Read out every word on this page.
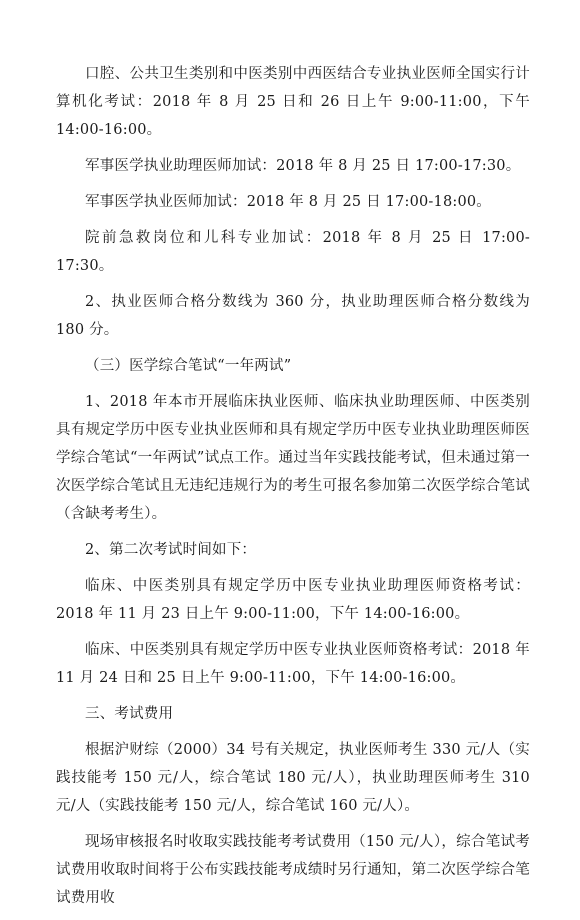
口腔、公共卫生类别和中医类别中西医结合专业执业医师全国实行计算机化考试：2018 年 8 月 25 日和 26 日上午 9:00-11:00，下午 14:00-16:00。

军事医学执业助理医师加试：2018 年 8 月 25 日 17:00-17:30。

军事医学执业医师加试：2018 年 8 月 25 日 17:00-18:00。

院前急救岗位和儿科专业加试：2018 年 8 月 25 日 17:00-17:30。

2、执业医师合格分数线为 360 分，执业助理医师合格分数线为 180 分。

（三）医学综合笔试“一年两试”

1、2018 年本市开展临床执业医师、临床执业助理医师、中医类别具有规定学历中医专业执业医师和具有规定学历中医专业执业助理医师医学综合笔试“一年两试”试点工作。通过当年实践技能考试，但未通过第一次医学综合笔试且无违纪违规行为的考生可报名参加第二次医学综合笔试（含缺考考生）。

2、第二次考试时间如下：

临床、中医类别具有规定学历中医专业执业助理医师资格考试：2018 年 11 月 23 日上午 9:00-11:00，下午 14:00-16:00。

临床、中医类别具有规定学历中医专业执业医师资格考试：2018 年 11 月 24 日和 25 日上午 9:00-11:00，下午 14:00-16:00。

三、考试费用

根据沪财综（2000）34 号有关规定，执业医师考生 330 元/人（实践技能考 150 元/人，综合笔试 180 元/人），执业助理医师考生 310 元/人（实践技能考 150 元/人，综合笔试 160 元/人）。

现场审核报名时收取实践技能考考试费用（150 元/人），综合笔试考试费用收取时间将于公布实践技能考成绩时另行通知，第二次医学综合笔试费用收
